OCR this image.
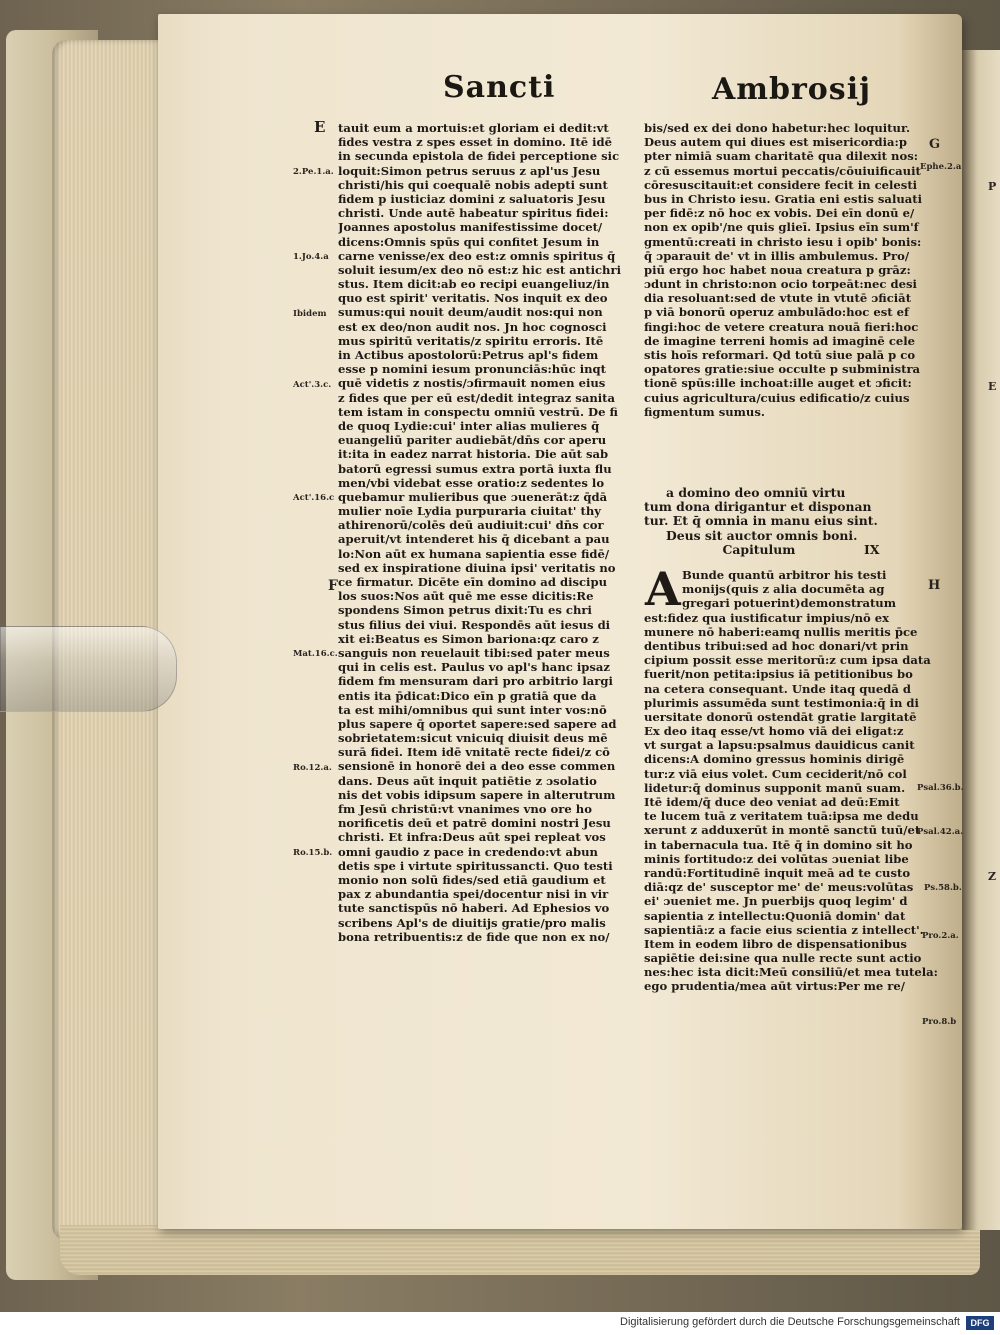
P
E
Z

Sancti	Ambrosij
E tauit eum a mortuis:et gloriam ei dedit:vt
fides vestra z spes esset in domino. Itē idē
in secunda epistola de fidei perceptione sic
loquit:Simon petrus seruus z apl'us Jesu
christi/his qui coequalē nobis adepti sunt
fidem p iusticiaz domini z saluatoris Jesu
christi. Unde autē habeatur spiritus fidei:
Joannes apostolus manifestissime docet/
dicens:Omnis spūs qui confitet Jesum in
carne venisse/ex deo est:z omnis spiritus q̄
soluit iesum/ex deo nō est:z hic est antichri
stus. Item dicit:ab eo recipi euangeliuz/in
quo est spirit' veritatis. Nos inquit ex deo
sumus:qui nouit deum/audit nos:qui non
est ex deo/non audit nos. Jn hoc cognosci
mus spiritū veritatis/z spiritu erroris. Itē
in Actibus apostolorū:Petrus apl's fidem
esse p nomini iesum pronunciās:hūc inqt
quē videtis z nostis/ɔfirmauit nomen eius
z fides que per eū est/dedit integraz sanita
tem istam in conspectu omniū vestrū. De fi
de quoq Lydie:cui' inter alias mulieres q̄
euangeliū pariter audiebāt/dn̄s cor aperu
it:ita in eadez narrat historia. Die aūt sab
batorū egressi sumus extra portā iuxta flu
men/vbi videbat esse oratio:z sedentes lo
quebamur mulieribus que ɔuenerāt:z q̄dā
mulier noīe Lydia purpuraria ciuitat' thy
athirenorū/colēs deū audiuit:cui' dn̄s cor
aperuit/vt intenderet his q̄ dicebant a pau
lo:Non aūt ex humana sapientia esse fidē/
sed ex inspiratione diuina ipsi' veritatis no
ce firmatur. Dicēte eīn domino ad discipu
los suos:Nos aūt quē me esse dicitis:Re
spondens Simon petrus dixit:Tu es chri
stus filius dei viui. Respondēs aūt iesus di
xit ei:Beatus es Simon bariona:qz caro z
sanguis non reuelauit tibi:sed pater meus
qui in celis est. Paulus vo apl's hanc ipsaz
fidem fm mensuram dari pro arbitrio largi
entis ita p̄dicat:Dico eīn p gratiā que da
ta est mihi/omnibus qui sunt inter vos:nō
plus sapere q̄ oportet sapere:sed sapere ad
sobrietatem:sicut vnicuiq diuisit deus mē
surā fidei. Item idē vnitatē recte fidei/z cō
sensionē in honorē dei a deo esse commen
dans. Deus aūt inquit patiētie z ɔsolatio
nis det vobis idipsum sapere in alterutrum
fm Jesū christū:vt vnanimes vno ore ho
norificetis deū et patrē domini nostri Jesu
christi. Et infra:Deus aūt spei repleat vos
omni gaudio z pace in credendo:vt abun
detis spe i virtute spiritussancti. Quo testi
monio non solū fides/sed etiā gaudium et
pax z abundantia spei/docentur nisi in vir
tute sanctispūs nō haberi. Ad Ephesios vo
scribens Apl's de diuitijs gratie/pro malis
bona retribuentis:z de fide que non ex no/
bis/sed ex dei dono habetur:hec loquitur.
Deus autem qui diues est misericordia:p
pter nimiā suam charitatē qua dilexit nos:
z cū essemus mortui peccatis/cōuiuificauit
cōresuscitauit:et considere fecit in celesti
bus in Christo iesu. Gratia eni estis saluati
per fidē:z nō hoc ex vobis. Dei eīn donū e/
non ex opib'/ne quis glieī. Ipsius eīn sum'f
gmentū:creati in christo iesu i opib' bonis:
q̄ ɔparauit de' vt in illis ambulemus. Pro/
piū ergo hoc habet noua creatura p grāz:
ɔdunt in christo:non ocio torpeāt:nec desi
dia resoluant:sed de vtute in vtutē ɔficiāt
p viā bonorū operuz ambulādo:hoc est ef
fingi:hoc de vetere creatura nouā fieri:hoc
de imagine terreni homis ad imaginē cele
stis hoīs reformari. Qd totū siue palā p co
opatores gratie:siue occulte p subministra
tionē spūs:ille inchoat:ille auget et ɔficit:
cuius agricultura/cuius edificatio/z cuius
figmentum sumus.
a domino deo omniū virtu
tum dona dirigantur et disponan
tur. Et q̄ omnia in manu eius sint.
Deus sit auctor omnis boni.
Capitulum	IX
A Bunde quantū arbitror his testi
monijs(quis z alia documēta ag
gregari potuerint)demonstratum
est:fidez qua iustificatur impius/nō ex
munere nō haberi:eamq nullis meritis p̄ce
dentibus tribui:sed ad hoc donari/vt prin
cipium possit esse meritorū:z cum ipsa data
fuerit/non petita:ipsius iā petitionibus bo
na cetera consequant. Unde itaq quedā d
plurimis assumēda sunt testimonia:q̄ in di
uersitate donorū ostendāt gratie largitatē
Ex deo itaq esse/vt homo viā dei eligat:z
vt surgat a lapsu:psalmus dauidicus canit
dicens:A domino gressus hominis dirigē
tur:z viā eius volet. Cum ceciderit/nō col
lidetur:q̄ dominus supponit manū suam.
Itē idem/q̄ duce deo veniat ad deū:Emit
te lucem tuā z veritatem tuā:ipsa me dedu
xerunt z adduxerūt in montē sanctū tuū/et
in tabernacula tua. Itē q̄ in domino sit ho
minis fortitudo:z dei volūtas ɔueniat libe
randū:Fortitudinē inquit meā ad te custo
diā:qz de' susceptor me' de' meus:volūtas
ei' ɔueniet me. Jn puerbijs quoq legim' d
sapientia z intellectu:Quoniā domin' dat
sapientiā:z a facie eius scientia z intellect'.
Item in eodem libro de dispensationibus
sapiētie dei:sine qua nulle recte sunt actio
nes:hec ista dicit:Meū consiliū/et mea tutela:
ego prudentia/mea aūt virtus:Per me re/
2.Pe.1.a.
1.Jo.4.a
Ibidem
Act'.3.c.
Act'.16.c
F
Mat.16.c.
Ro.12.a.
Ro.15.b.
G
Ephe.2.a
H
Psal.36.b.
Psal.42.a.
Ps.58.b.
Pro.2.a.
Pro.8.b
Digitalisierung gefördert durch die Deutsche Forschungsgemeinschaft	DFG
